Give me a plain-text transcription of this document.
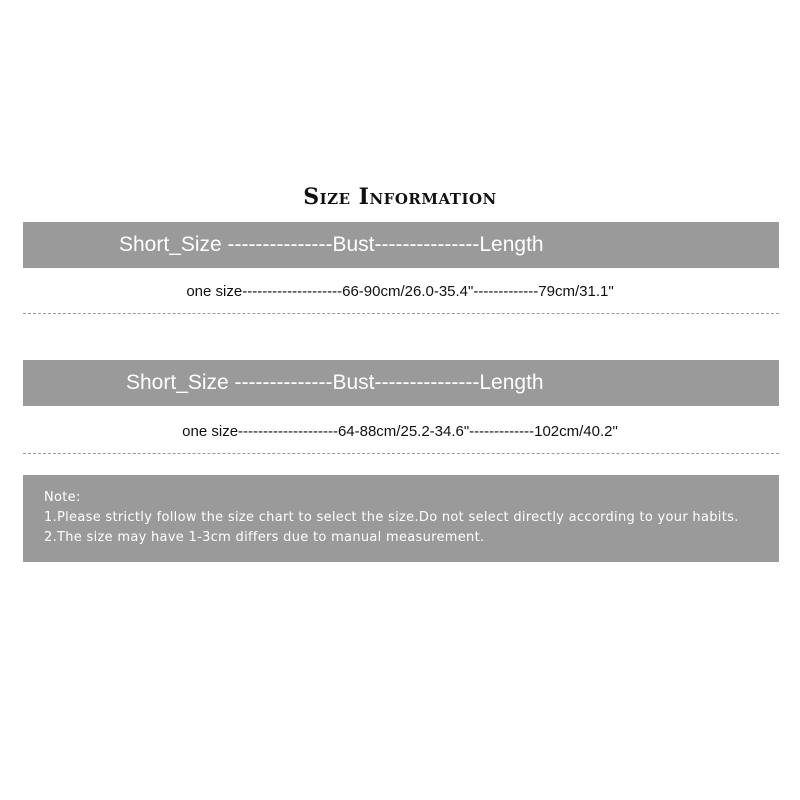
Size Information
Short_Size ---------------Bust---------------Length
one size--------------------66-90cm/26.0-35.4"-------------79cm/31.1"
Short_Size --------------Bust---------------Length
one size--------------------64-88cm/25.2-34.6"-------------102cm/40.2"
Note:
1.Please strictly follow the size chart to select the size.Do not select directly according to your habits.
2.The size may have 1-3cm differs due to manual measurement.
